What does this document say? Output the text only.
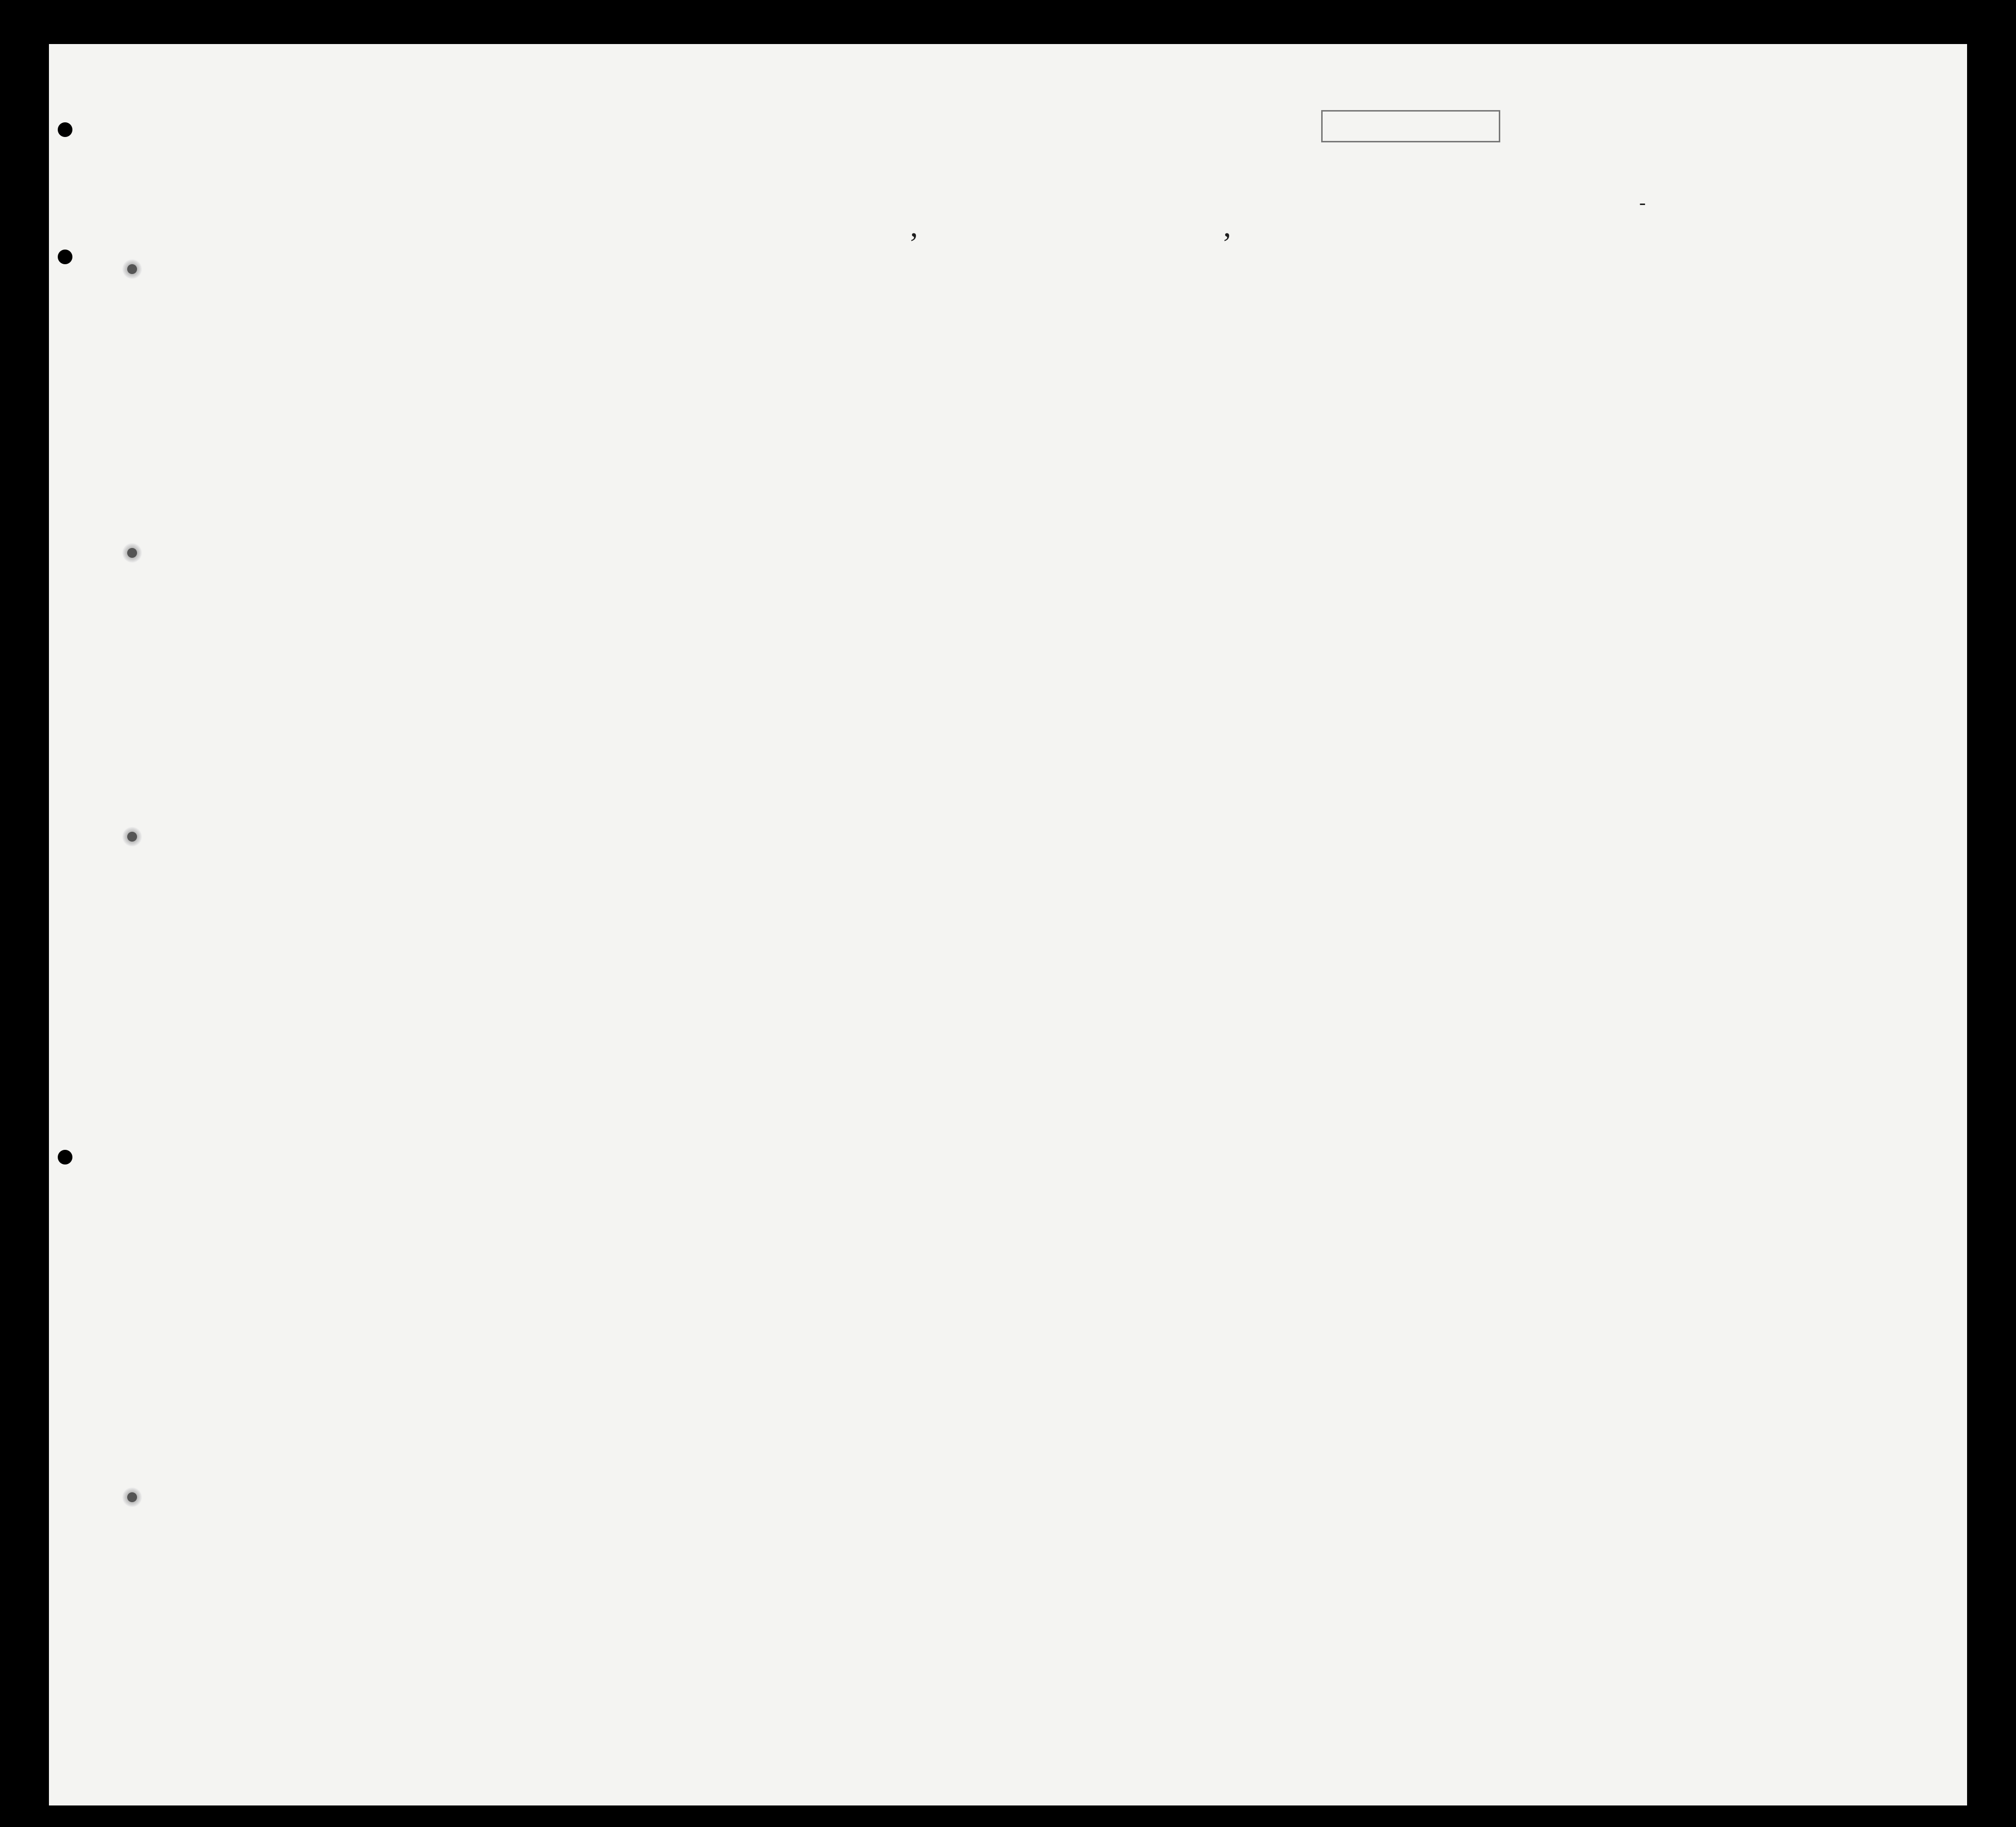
,	,
-
